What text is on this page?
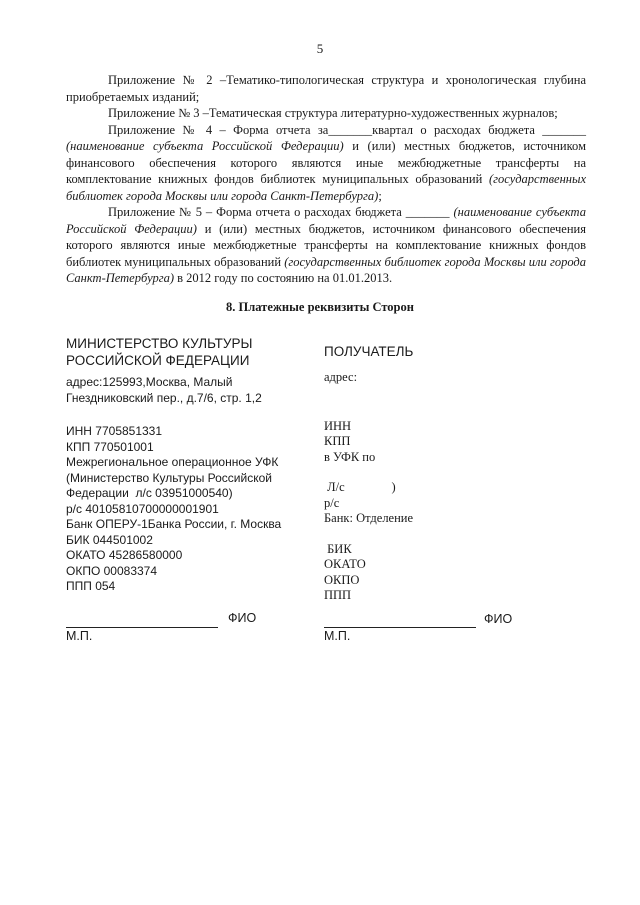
5

Приложение № 2 –Тематико-типологическая структура и хронологическая глубина приобретаемых изданий;

Приложение № 3 –Тематическая структура литературно-художественных журналов;

Приложение № 4 – Форма отчета за_______квартал о расходах бюджета _______ (наименование субъекта Российской Федерации) и (или) местных бюджетов, источником финансового обеспечения которого являются иные межбюджетные трансферты на комплектование книжных фондов библиотек муниципальных образований (государственных библиотек города Москвы или города Санкт-Петербурга);

Приложение № 5 – Форма отчета о расходах бюджета _______ (наименование субъекта Российской Федерации) и (или) местных бюджетов, источником финансового обеспечения которого являются иные межбюджетные трансферты на комплектование книжных фондов библиотек муниципальных образований (государственных библиотек города Москвы или города Санкт-Петербурга) в 2012 году по состоянию на 01.01.2013.

8. Платежные реквизиты Сторон
МИНИСТЕРСТВО КУЛЬТУРЫ
РОССИЙСКОЙ ФЕДЕРАЦИИ
адрес:125993,Москва, Малый
Гнездниковский пер., д.7/6, стр. 1,2
ИНН 7705851331
КПП 770501001
Межрегиональное операционное УФК
(Министерство Культуры Российской
Федерации  л/с 03951000540)
р/с 40105810700000001901
Банк ОПЕРУ-1Банка России, г. Москва
БИК 044501002
ОКАТО 45286580000
ОКПО 00083374
ППП 054
ПОЛУЧАТЕЛЬ
адрес:
ИНН
КПП
в УФК по
Л/с               )
р/с
Банк: Отделение
БИК
ОКАТО
ОКПО
ППП
ФИО
М.П.
ФИО
М.П.
